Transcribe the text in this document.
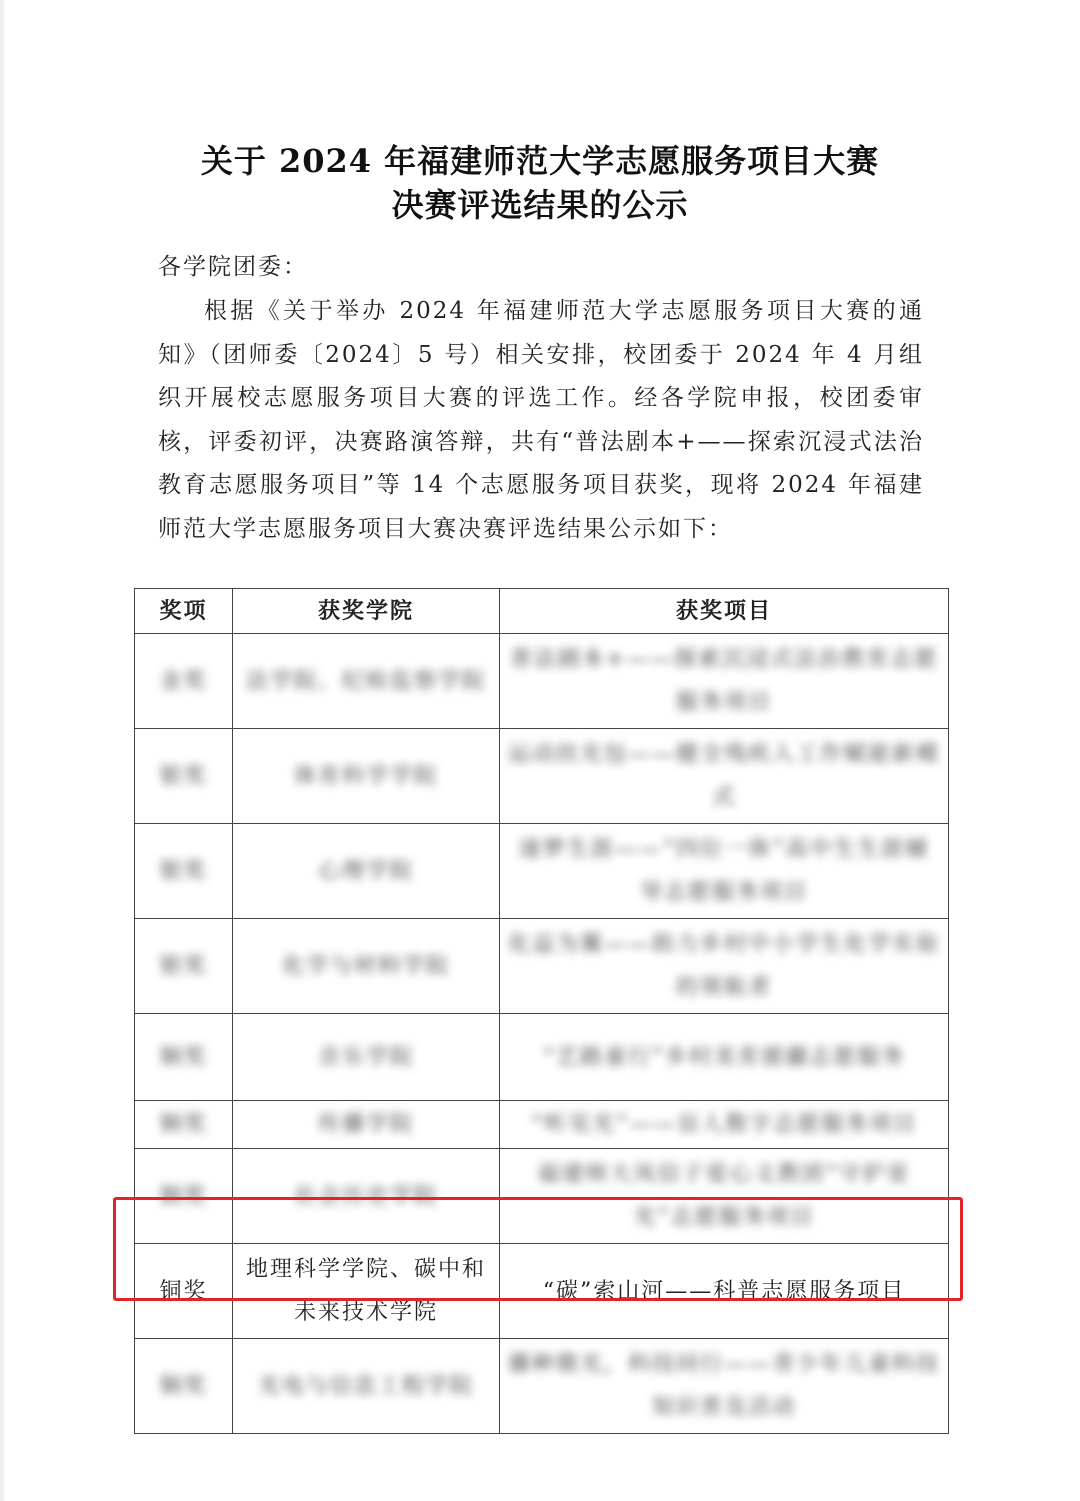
关于 2024 年福建师范大学志愿服务项目大赛
决赛评选结果的公示
各学院团委：

根据《关于举办 2024 年福建师范大学志愿服务项目大赛的通知》（团师委〔2024〕5 号）相关安排，校团委于 2024 年 4 月组织开展校志愿服务项目大赛的评选工作。经各学院申报，校团委审核，评委初评，决赛路演答辩，共有“普法剧本+——探索沉浸式法治教育志愿服务项目”等 14 个志愿服务项目获奖，现将 2024 年福建师范大学志愿服务项目大赛决赛评选结果公示如下：

奖项	获奖学院	获奖项目
金奖	法学院、纪检监察学院	普法剧本+——探索沉浸式法治教育志愿服务项目
银奖	体育科学学院	运动扶光包——健全残疾人工作赋能新模式
银奖	心理学院	逐梦生涯——“四位一体”高中生生涯辅导志愿服务项目
银奖	化学与材料学院	化益为翼——助力乡村中小学生化学实验的领航者
铜奖	音乐学院	“艺路童行”乡村美育援疆志愿服务
铜奖	传播学院	“听见光”——盲人数字志愿服务项目
铜奖	社会历史学院	福建师大凤信子爱心义教团“守护星光”志愿服务项目
铜奖	地理科学学院、碳中和未来技术学院	“碳”索山河——科普志愿服务项目
铜奖	光电与信息工程学院	播种微光，科技同行——青少年儿童科技知识普及活动
